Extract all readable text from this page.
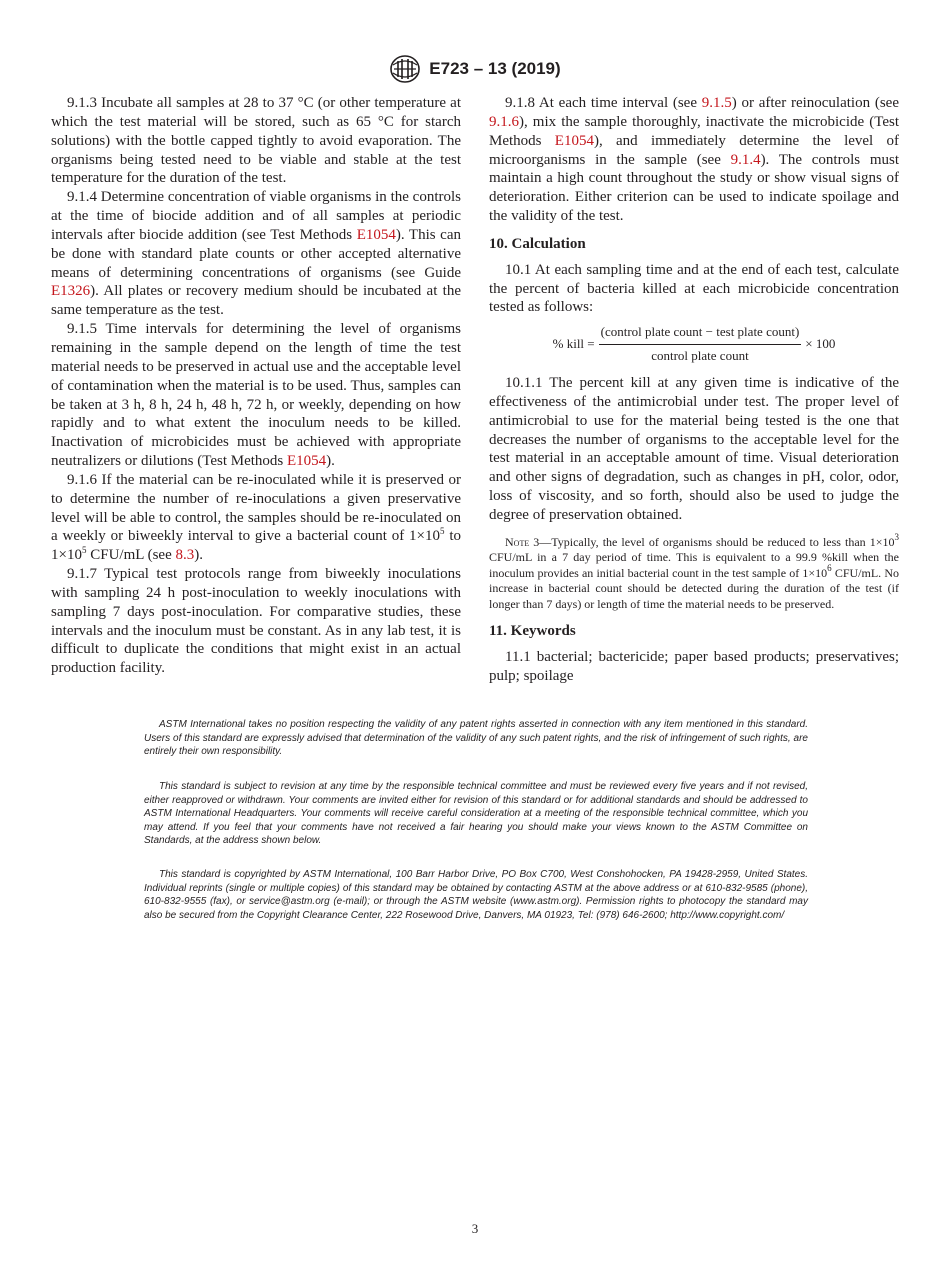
E723 – 13 (2019)

9.1.3 Incubate all samples at 28 to 37 °C (or other temperature at which the test material will be stored, such as 65 °C for starch solutions) with the bottle capped tightly to avoid evaporation. The organisms being tested need to be viable and stable at the test temperature for the duration of the test.

9.1.4 Determine concentration of viable organisms in the controls at the time of biocide addition and of all samples at periodic intervals after biocide addition (see Test Methods E1054). This can be done with standard plate counts or other accepted alternative means of determining concentrations of organisms (see Guide E1326). All plates or recovery medium should be incubated at the same temperature as the test.

9.1.5 Time intervals for determining the level of organisms remaining in the sample depend on the length of time the test material needs to be preserved in actual use and the acceptable level of contamination when the material is to be used. Thus, samples can be taken at 3 h, 8 h, 24 h, 48 h, 72 h, or weekly, depending on how rapidly and to what extent the inoculum needs to be killed. Inactivation of microbicides must be achieved with appropriate neutralizers or dilutions (Test Methods E1054).

9.1.6 If the material can be re-inoculated while it is preserved or to determine the number of re-inoculations a given preservative level will be able to control, the samples should be re-inoculated on a weekly or biweekly interval to give a bacterial count of $1\times 10^5$ to $1\times 10^5$ CFU/mL (see 8.3).

9.1.7 Typical test protocols range from biweekly inoculations with sampling 24 h post-inoculation to weekly inoculations with sampling 7 days post-inoculation. For comparative studies, these intervals and the inoculum must be constant. As in any lab test, it is difficult to duplicate the conditions that might exist in an actual production facility.

9.1.8 At each time interval (see 9.1.5) or after reinoculation (see 9.1.6), mix the sample thoroughly, inactivate the microbicide (Test Methods E1054), and immediately determine the level of microorganisms in the sample (see 9.1.4). The controls must maintain a high count throughout the study or show visual signs of deterioration. Either criterion can be used to indicate spoilage and the validity of the test.

10. Calculation

10.1 At each sampling time and at the end of each test, calculate the percent of bacteria killed at each microbicide concentration tested as follows:

% kill = $\frac{\text{(control plate count − test plate count)}}{\text{control plate count}} \times 100$

10.1.1 The percent kill at any given time is indicative of the effectiveness of the antimicrobial under test. The proper level of antimicrobial to use for the material being tested is the one that decreases the number of organisms to the acceptable level for the test material in an acceptable amount of time. Visual deterioration and other signs of degradation, such as changes in pH, color, odor, loss of viscosity, and so forth, should also be used to judge the degree of preservation obtained.

Note 3—Typically, the level of organisms should be reduced to less than $1\times 10^3$ CFU/mL in a 7 day period of time. This is equivalent to a 99.9 %kill when the inoculum provides an initial bacterial count in the test sample of $1\times 10^6$ CFU/mL. No increase in bacterial count should be detected during the duration of the test (if longer than 7 days) or length of time the material needs to be preserved.

11. Keywords

11.1 bacterial; bactericide; paper based products; preservatives; pulp; spoilage

ASTM International takes no position respecting the validity of any patent rights asserted in connection with any item mentioned in this standard. Users of this standard are expressly advised that determination of the validity of any such patent rights, and the risk of infringement of such rights, are entirely their own responsibility.

This standard is subject to revision at any time by the responsible technical committee and must be reviewed every five years and if not revised, either reapproved or withdrawn. Your comments are invited either for revision of this standard or for additional standards and should be addressed to ASTM International Headquarters. Your comments will receive careful consideration at a meeting of the responsible technical committee, which you may attend. If you feel that your comments have not received a fair hearing you should make your views known to the ASTM Committee on Standards, at the address shown below.

This standard is copyrighted by ASTM International, 100 Barr Harbor Drive, PO Box C700, West Conshohocken, PA 19428-2959, United States. Individual reprints (single or multiple copies) of this standard may be obtained by contacting ASTM at the above address or at 610-832-9585 (phone), 610-832-9555 (fax), or service@astm.org (e-mail); or through the ASTM website (www.astm.org). Permission rights to photocopy the standard may also be secured from the Copyright Clearance Center, 222 Rosewood Drive, Danvers, MA 01923, Tel: (978) 646-2600; http://www.copyright.com/

3
